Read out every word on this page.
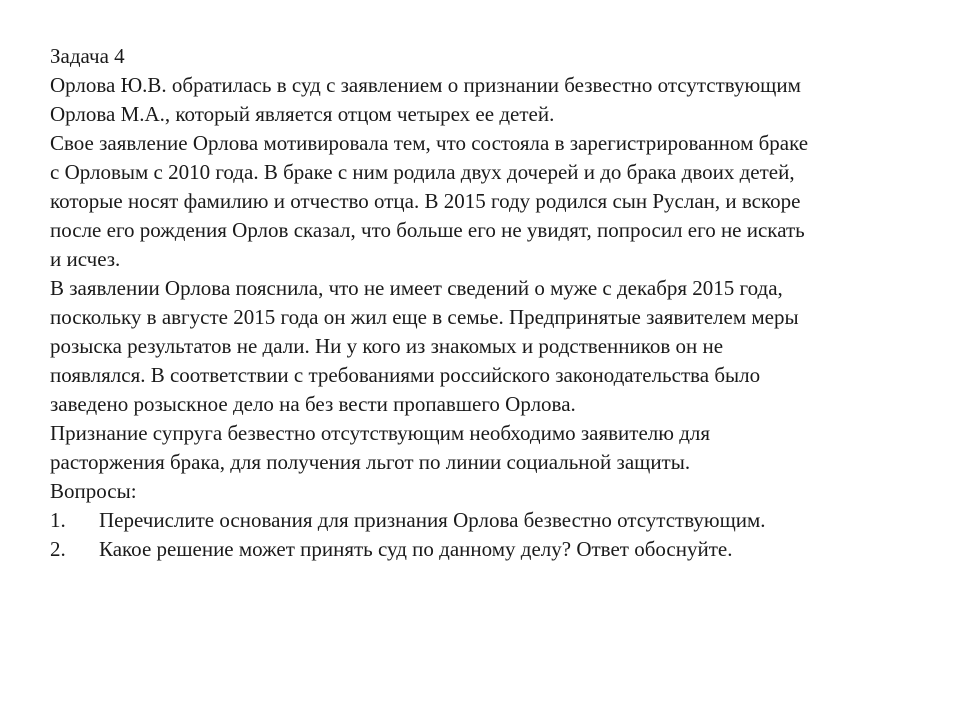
Задача 4
Орлова Ю.В. обратилась в суд с заявлением о признании безвестно отсутствующим
Орлова М.А., который является отцом четырех ее детей.
Свое заявление Орлова мотивировала тем, что состояла в зарегистрированном браке
с Орловым с 2010 года. В браке с ним родила двух дочерей и до брака двоих детей,
которые носят фамилию и отчество отца. В 2015 году родился сын Руслан, и вскоре
после его рождения Орлов сказал, что больше его не увидят, попросил его не искать
и исчез.
В заявлении Орлова пояснила, что не имеет сведений о муже с декабря 2015 года,
поскольку в августе 2015 года он жил еще в семье. Предпринятые заявителем меры
розыска результатов не дали. Ни у кого из знакомых и родственников он не
появлялся. В соответствии с требованиями российского законодательства было
заведено розыскное дело на без вести пропавшего Орлова.
Признание супруга безвестно отсутствующим необходимо заявителю для
расторжения брака, для получения льгот по линии социальной защиты.
Вопросы:
1.	Перечислите основания для признания Орлова безвестно отсутствующим.
2.	Какое решение может принять суд по данному делу? Ответ обоснуйте.
